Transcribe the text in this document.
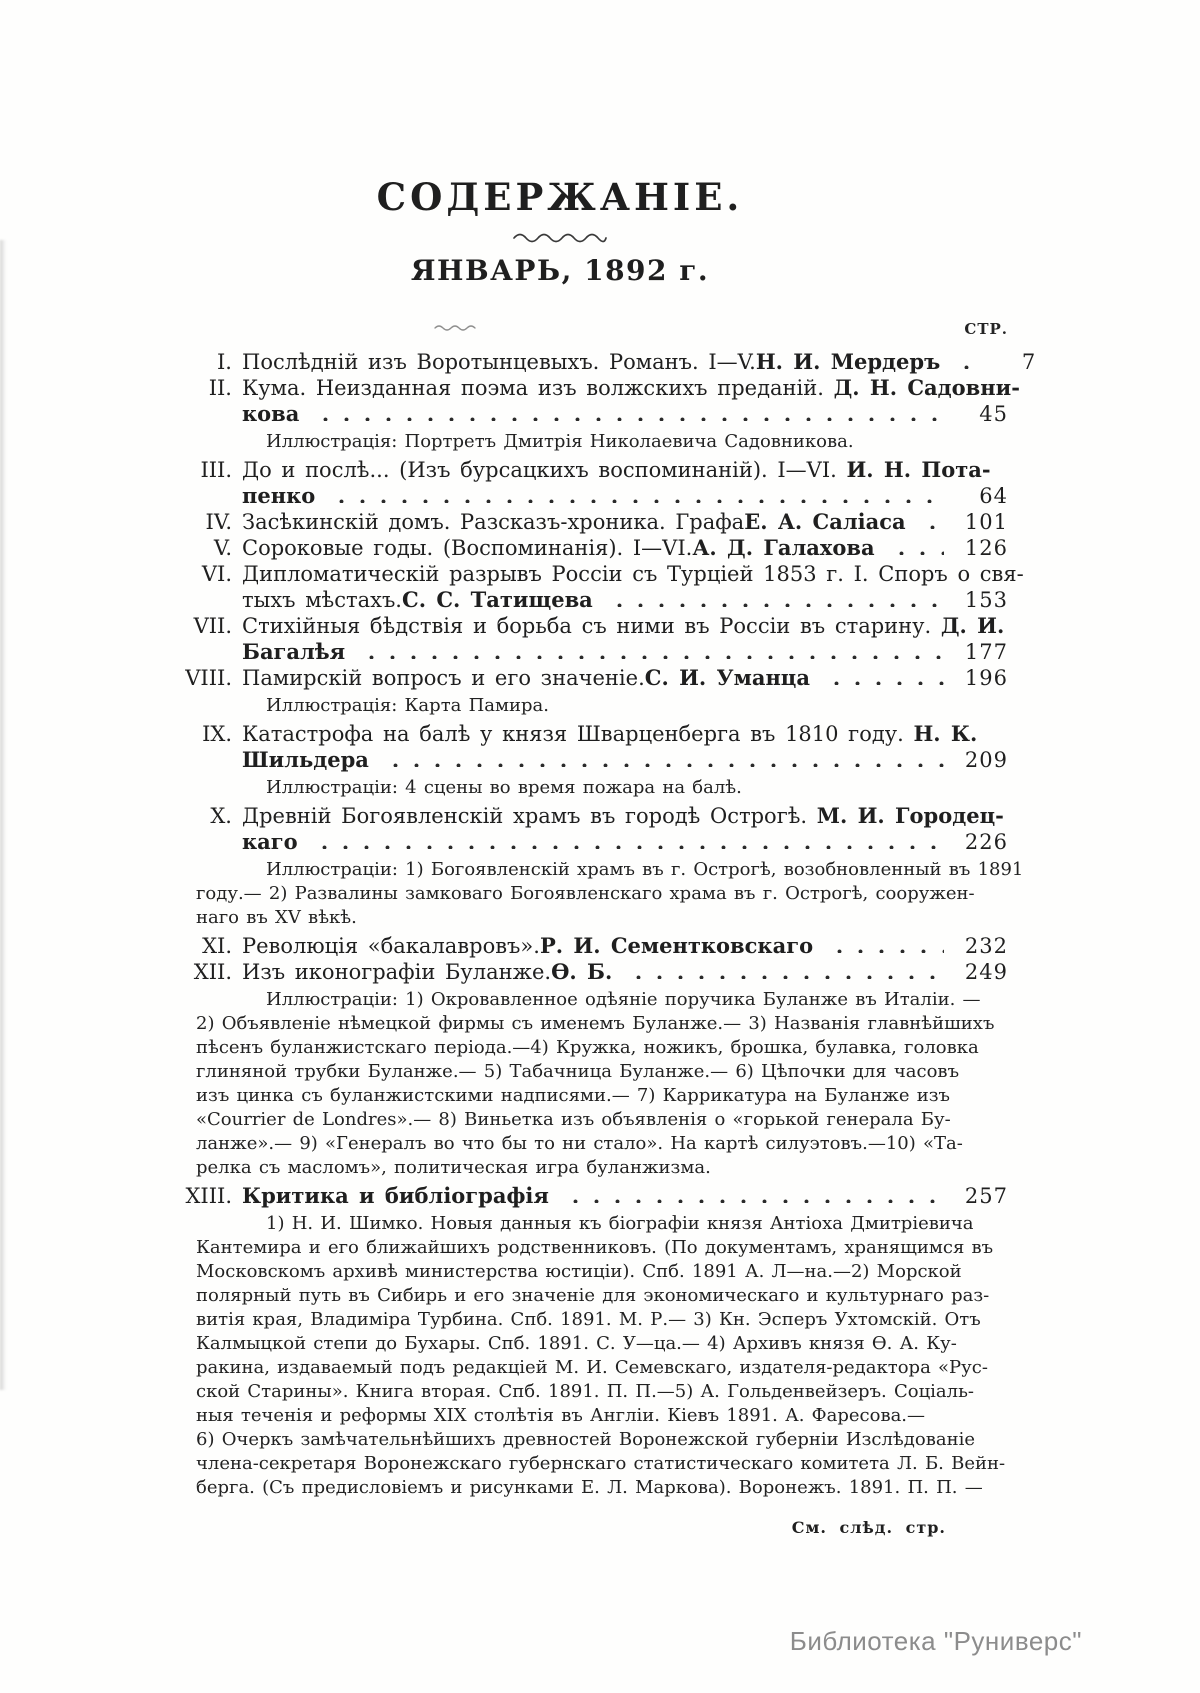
СОДЕРЖАНІЕ.
ЯНВАРЬ, 1892 г.
СТР.
I. Послѣдній изъ Воротынцевыхъ. Романъ. I—V. Н. И. Мердеръ	7
II. Кума. Неизданная поэма изъ волжскихъ преданій. Д. Н. Садовни-
кова	45
Иллюстрація: Портретъ Дмитрія Николаевича Садовникова.
III. До и послѣ... (Изъ бурсацкихъ воспоминаній). I—VI. И. Н. Пота-
пенко	64
IV. Засѣкинскій домъ. Разсказъ-хроника. Графа Е. А. Саліаса	101
V. Сороковые годы. (Воспоминанія). I—VI. А. Д. Галахова	126
VI. Дипломатическій разрывъ Россіи съ Турціей 1853 г. I. Споръ о свя-
тыхъ мѣстахъ. С. С. Татищева	153
VII. Стихійныя бѣдствія и борьба съ ними въ Россіи въ старину. Д. И.
Багалѣя	177
VIII. Памирскій вопросъ и его значеніе. С. И. Уманца	196
Иллюстрація: Карта Памира.
IX. Катастрофа на балѣ у князя Шварценберга въ 1810 году. Н. К.
Шильдера	209
Иллюстраціи: 4 сцены во время пожара на балѣ.
X. Древній Богоявленскій храмъ въ городѣ Острогѣ. М. И. Городец-
каго	226
Иллюстраціи: 1) Богоявленскій храмъ въ г. Острогѣ, возобновленный въ 1891
году.— 2) Развалины замковаго Богоявленскаго храма въ г. Острогѣ, сооружен-
наго въ XV вѣкѣ.
XI. Революція «бакалавровъ». Р. И. Сементковскаго	232
XII. Изъ иконографіи Буланже. Ѳ. Б.	249
Иллюстраціи: 1) Окровавленное одѣяніе поручика Буланже въ Италіи. —
2) Объявленіе нѣмецкой фирмы съ именемъ Буланже.— 3) Названія главнѣйшихъ
пѣсенъ буланжистскаго періода.—4) Кружка, ножикъ, брошка, булавка, головка
глиняной трубки Буланже.— 5) Табачница Буланже.— 6) Цѣпочки для часовъ
изъ цинка съ буланжистскими надписями.— 7) Каррикатура на Буланже изъ
«Courrier de Londres».— 8) Виньетка изъ объявленія о «горькой генерала Бу-
ланже».— 9) «Генералъ во что бы то ни стало». На картѣ силуэтовъ.—10) «Та-
релка съ масломъ», политическая игра буланжизма.
XIII. Критика и библіографія	257
1) Н. И. Шимко. Новыя данныя къ біографіи князя Антіоха Дмитріевича
Кантемира и его ближайшихъ родственниковъ. (По документамъ, хранящимся въ
Московскомъ архивѣ министерства юстиціи). Спб. 1891 А. Л—на.—2) Морской
полярный путь въ Сибирь и его значеніе для экономическаго и культурнаго раз-
витія края, Владиміра Турбина. Спб. 1891. М. Р.— 3) Кн. Эсперъ Ухтомскій. Отъ
Калмыцкой степи до Бухары. Спб. 1891. С. У—ца.— 4) Архивъ князя Ѳ. А. Ку-
ракина, издаваемый подъ редакціей М. И. Семевскаго, издателя-редактора «Рус-
ской Старины». Книга вторая. Спб. 1891. П. П.—5) А. Гольденвейзеръ. Соціаль-
ныя теченія и реформы XIX столѣтія въ Англіи. Кіевъ 1891. А. Фаресова.—
6) Очеркъ замѣчательнѣйшихъ древностей Воронежской губерніи Изслѣдованіе
члена-секретаря Воронежскаго губернскаго статистическаго комитета Л. Б. Вейн-
берга. (Съ предисловіемъ и рисунками Е. Л. Маркова). Воронежъ. 1891. П. П. —
См. слѣд. стр.
Библиотека "Руниверс"
